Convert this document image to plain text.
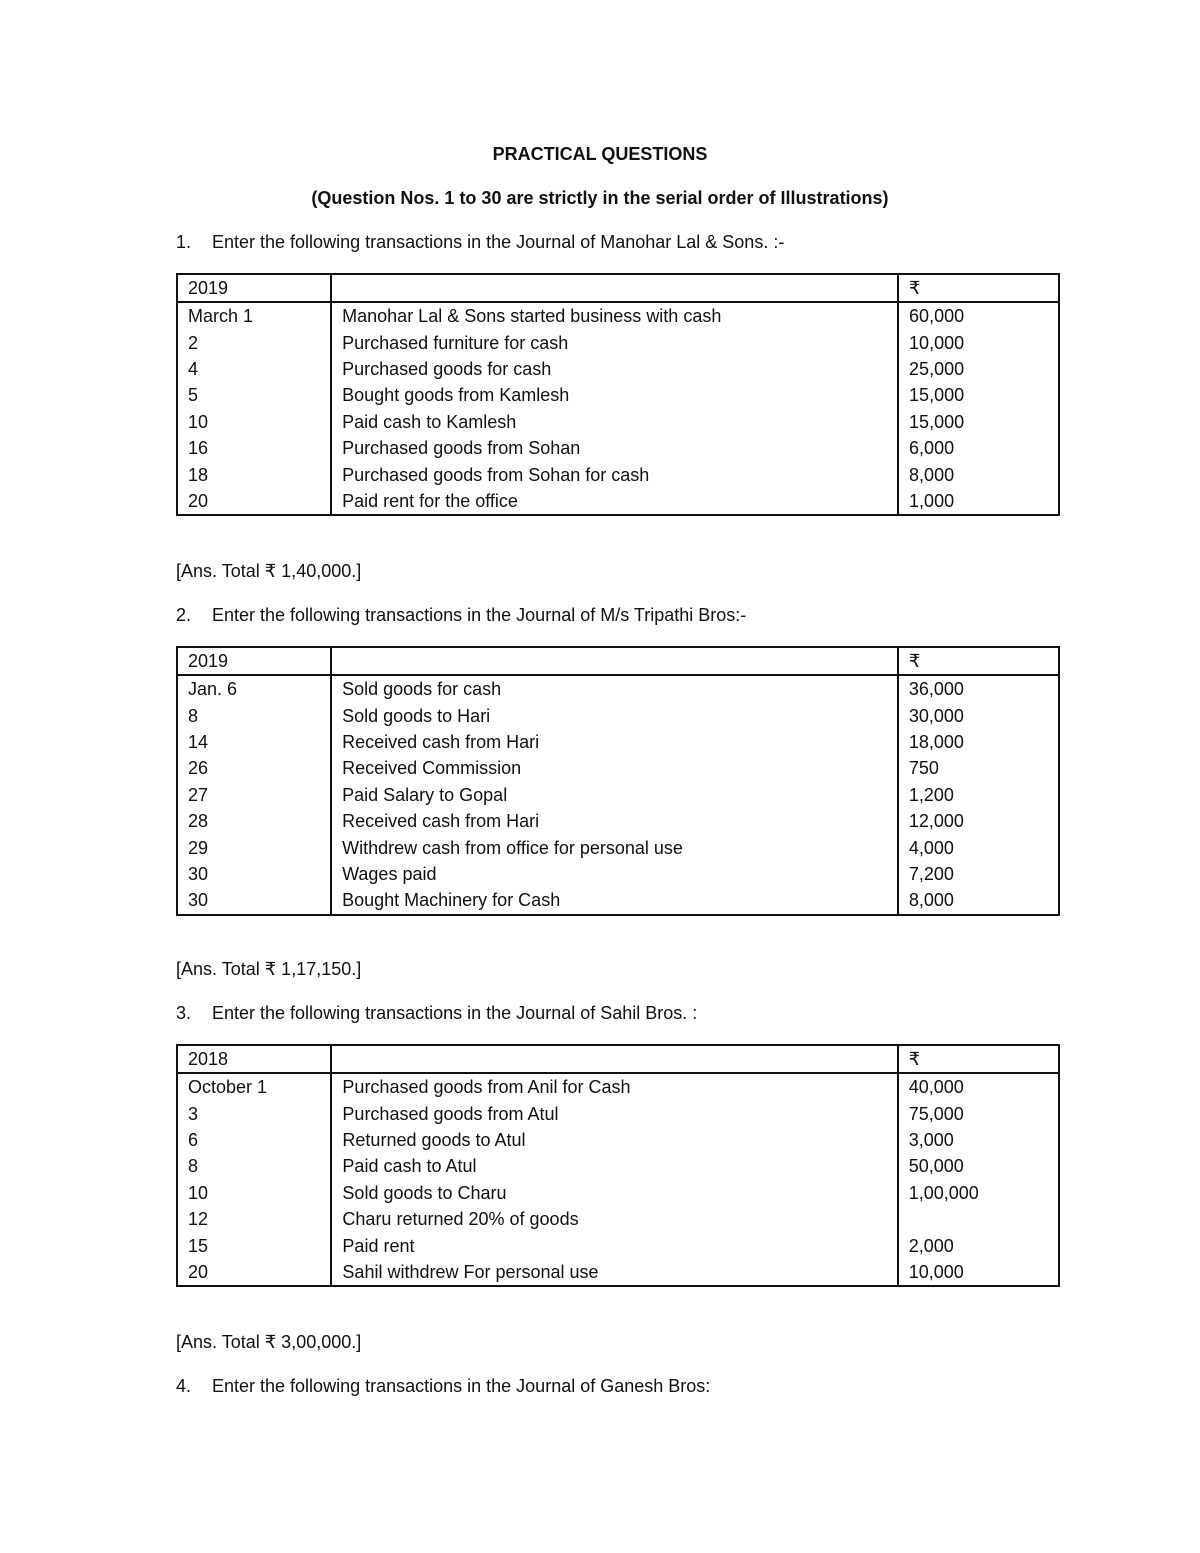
PRACTICAL QUESTIONS
(Question Nos. 1 to 30 are strictly in the serial order of Illustrations)
1. Enter the following transactions in the Journal of Manohar Lal & Sons. :-
2019		₹
March 1	Manohar Lal & Sons started business with cash	60,000
2	Purchased furniture for cash	10,000
4	Purchased goods for cash	25,000
5	Bought goods from Kamlesh	15,000
10	Paid cash to Kamlesh	15,000
16	Purchased goods from Sohan	6,000
18	Purchased goods from Sohan for cash	8,000
20	Paid rent for the office	1,000
[Ans. Total ₹ 1,40,000.]
2. Enter the following transactions in the Journal of M/s Tripathi Bros:-
2019		₹
Jan. 6	Sold goods for cash	36,000
8	Sold goods to Hari	30,000
14	Received cash from Hari	18,000
26	Received Commission	750
27	Paid Salary to Gopal	1,200
28	Received cash from Hari	12,000
29	Withdrew cash from office for personal use	4,000
30	Wages paid	7,200
30	Bought Machinery for Cash	8,000
[Ans. Total ₹ 1,17,150.]
3. Enter the following transactions in the Journal of Sahil Bros. :
2018		₹
October 1	Purchased goods from Anil for Cash	40,000
3	Purchased goods from Atul	75,000
6	Returned goods to Atul	3,000
8	Paid cash to Atul	50,000
10	Sold goods to Charu	1,00,000
12	Charu returned 20% of goods	
15	Paid rent	2,000
20	Sahil withdrew For personal use	10,000
[Ans. Total ₹ 3,00,000.]
4. Enter the following transactions in the Journal of Ganesh Bros:
